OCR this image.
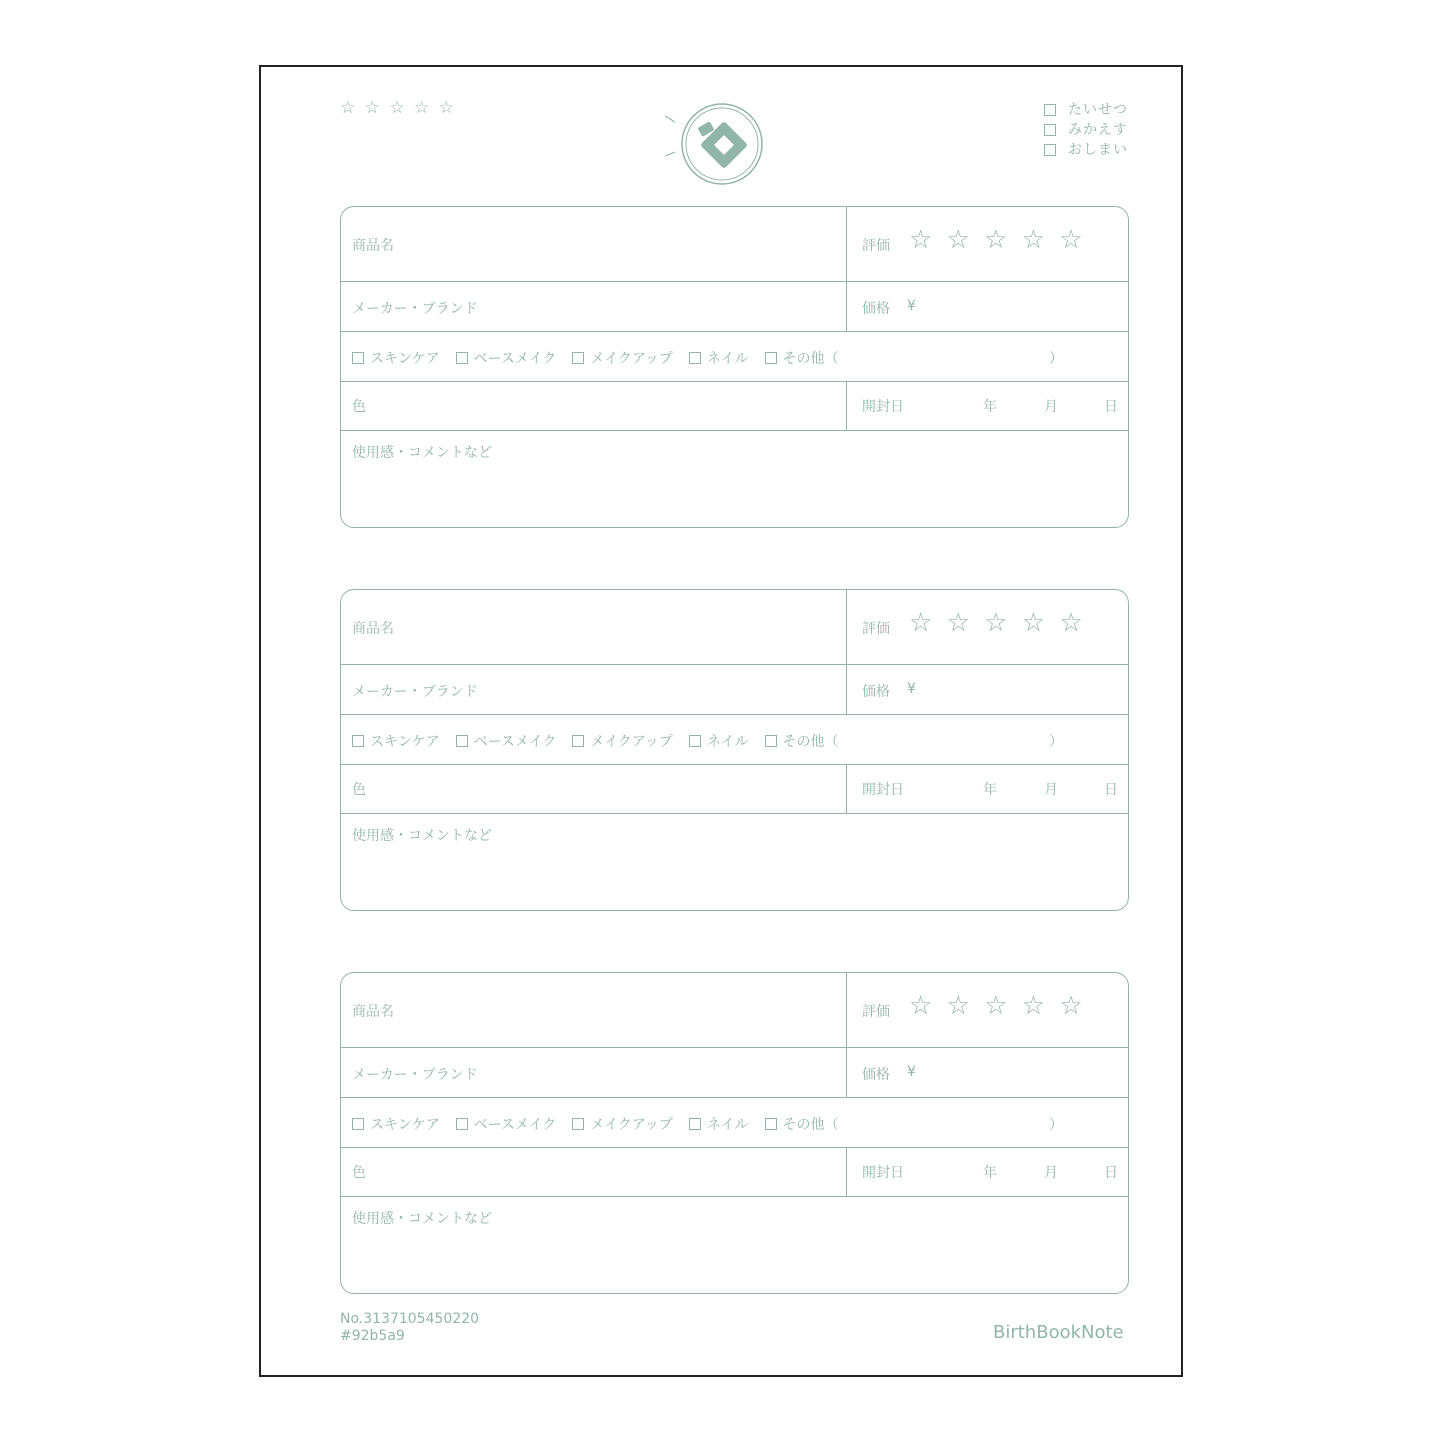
☆ ☆ ☆ ☆ ☆	たいせつ
みかえす
おしまい
商品名	評価 ☆ ☆ ☆ ☆ ☆
メーカー・ブランド	価格 ¥
スキンケア ベースメイク メイクアップ ネイル その他（	）
色	開封日	年	月	日
使用感・コメントなど
商品名	評価 ☆ ☆ ☆ ☆ ☆
メーカー・ブランド	価格 ¥
スキンケア ベースメイク メイクアップ ネイル その他（	）
色	開封日	年	月	日
使用感・コメントなど
商品名	評価 ☆ ☆ ☆ ☆ ☆
メーカー・ブランド	価格 ¥
スキンケア ベースメイク メイクアップ ネイル その他（	）
色	開封日	年	月	日
使用感・コメントなど
No.3137105450220
#92b5a9	BirthBookNote
